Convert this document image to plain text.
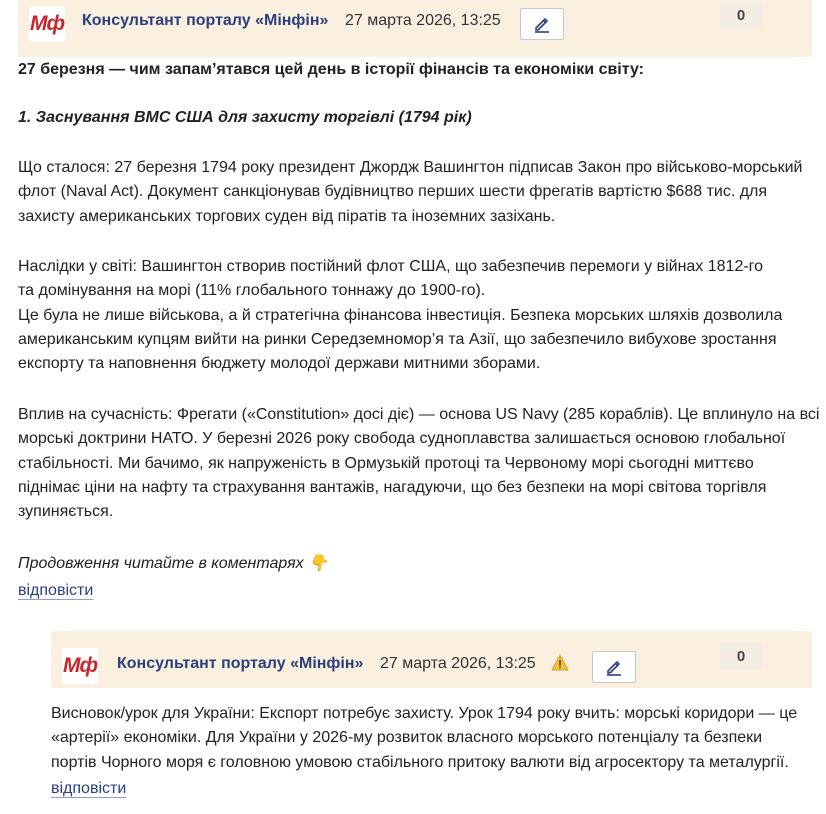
Мф Консультант порталу «Мінфін» 27 марта 2026, 13:25	0
27 березня — чим запам’ятався цей день в історії фінансів та економіки світу:
1. Заснування ВМС США для захисту торгівлі (1794 рік)
Що сталося: 27 березня 1794 року президент Джордж Вашингтон підписав Закон про військово-морський
флот (Naval Act). Документ санкціонував будівництво перших шести фрегатів вартістю $688 тис. для
захисту американських торгових суден від піратів та іноземних зазіхань.
Наслідки у світі: Вашингтон створив постійний флот США, що забезпечив перемоги у війнах 1812-го
та домінування на морі (11% глобального тоннажу до 1900-го).
Це була не лише військова, а й стратегічна фінансова інвестиція. Безпека морських шляхів дозволила
американським купцям вийти на ринки Середземномор’я та Азії, що забезпечило вибухове зростання
експорту та наповнення бюджету молодої держави митними зборами.
Вплив на сучасність: Фрегати («Constitution» досі діє) — основа US Navy (285 кораблів). Це вплинуло на всі
морські доктрини НАТО. У березні 2026 року свобода судноплавства залишається основою глобальної
стабільності. Ми бачимо, як напруженість в Ормузькій протоці та Червоному морі сьогодні миттєво
піднімає ціни на нафту та страхування вантажів, нагадуючи, що без безпеки на морі світова торгівля
зупиняється.
Продовження читайте в коментарях 👇
відповісти
Мф Консультант порталу «Мінфін» 27 марта 2026, 13:25	0
Висновок/урок для України: Експорт потребує захисту. Урок 1794 року вчить: морські коридори — це
«артерії» економіки. Для України у 2026-му розвиток власного морського потенціалу та безпеки
портів Чорного моря є головною умовою стабільного притоку валюти від агросектору та металургії.
відповісти
